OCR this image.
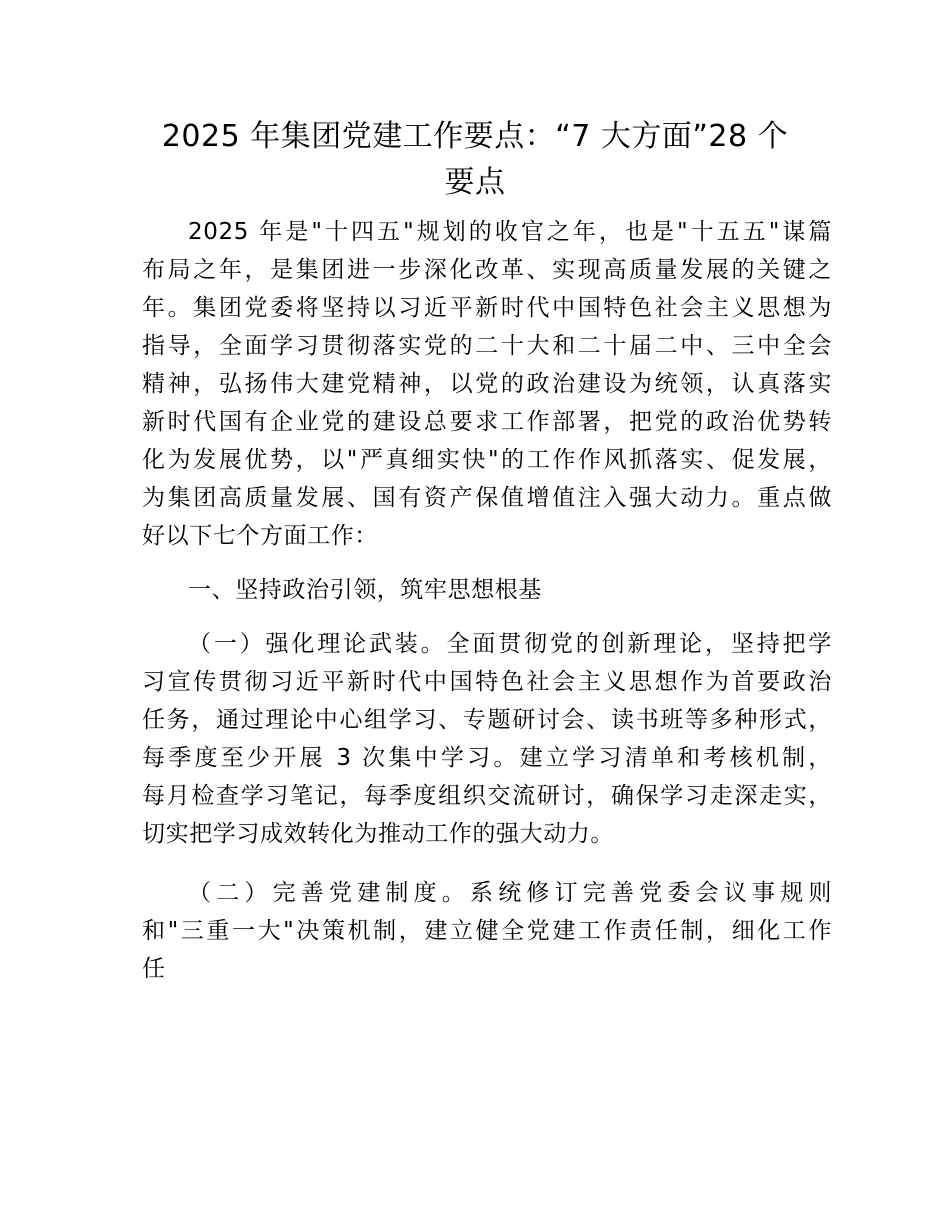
2025 年集团党建工作要点：“7 大方面”28 个
要点

2025 年是"十四五"规划的收官之年，也是"十五五"谋篇
布局之年，是集团进一步深化改革、实现高质量发展的关键之
年。集团党委将坚持以习近平新时代中国特色社会主义思想为
指导，全面学习贯彻落实党的二十大和二十届二中、三中全会
精神，弘扬伟大建党精神，以党的政治建设为统领，认真落实
新时代国有企业党的建设总要求工作部署，把党的政治优势转
化为发展优势，以"严真细实快"的工作作风抓落实、促发展，
为集团高质量发展、国有资产保值增值注入强大动力。重点做
好以下七个方面工作：

一、坚持政治引领，筑牢思想根基

（一）强化理论武装。全面贯彻党的创新理论，坚持把学
习宣传贯彻习近平新时代中国特色社会主义思想作为首要政治
任务，通过理论中心组学习、专题研讨会、读书班等多种形式，
每季度至少开展 3 次集中学习。建立学习清单和考核机制，
每月检查学习笔记，每季度组织交流研讨，确保学习走深走实，
切实把学习成效转化为推动工作的强大动力。

（二）完善党建制度。系统修订完善党委会议事规则
和"三重一大"决策机制，建立健全党建工作责任制，细化工作
任
